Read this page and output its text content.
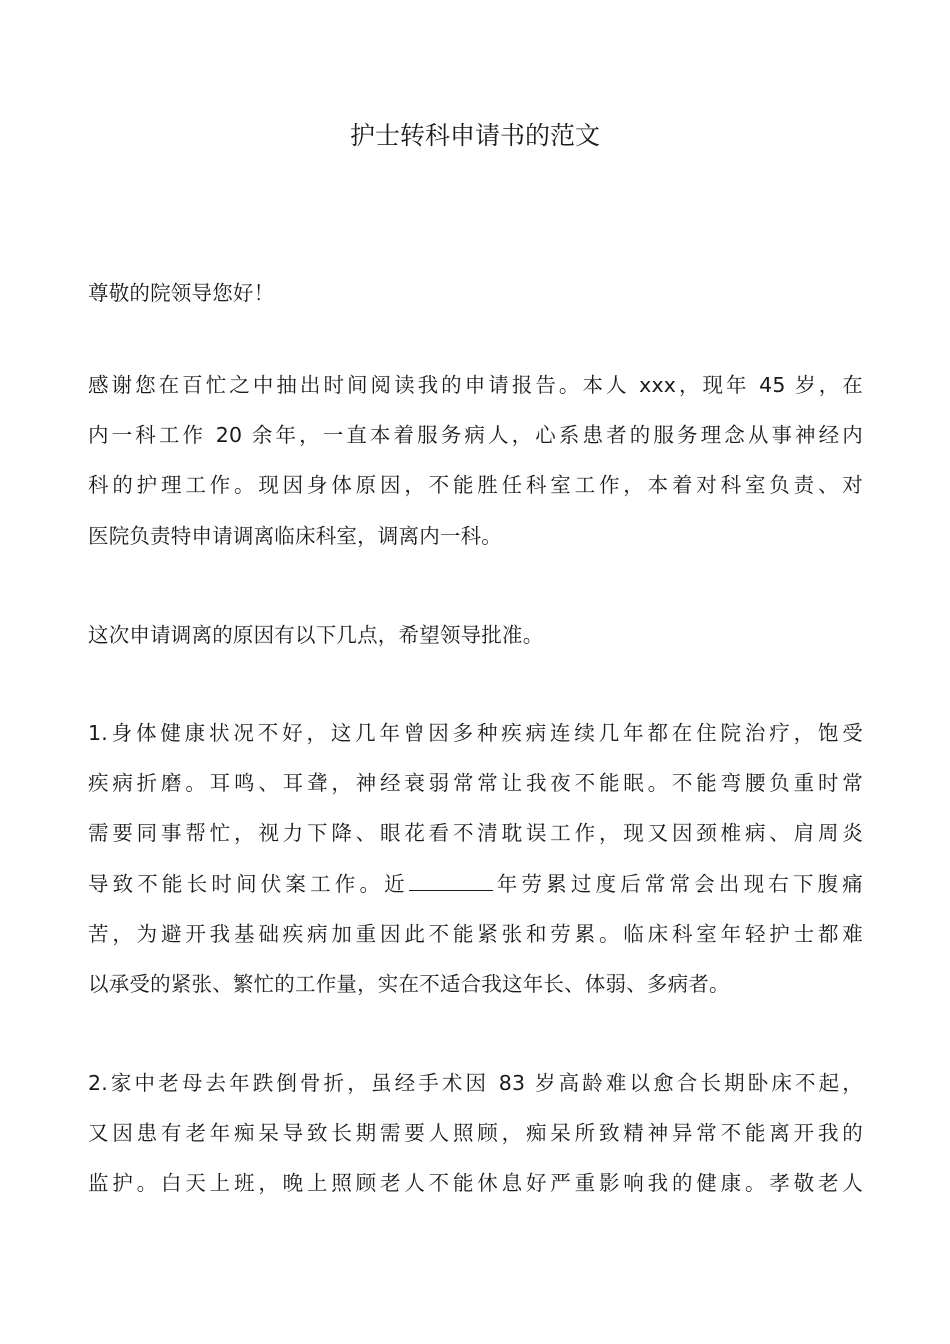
护士转科申请书的范文

尊敬的院领导您好！

感谢您在百忙之中抽出时间阅读我的申请报告。本人 xxx，现年 45 岁，在
内一科工作 20 余年，一直本着服务病人，心系患者的服务理念从事神经内
科的护理工作。现因身体原因，不能胜任科室工作，本着对科室负责、对
医院负责特申请调离临床科室，调离内一科。

这次申请调离的原因有以下几点，希望领导批准。

1.身体健康状况不好，这几年曾因多种疾病连续几年都在住院治疗，饱受
疾病折磨。耳鸣、耳聋，神经衰弱常常让我夜不能眠。不能弯腰负重时常
需要同事帮忙，视力下降、眼花看不清耽误工作，现又因颈椎病、肩周炎
导致不能长时间伏案工作。近	年劳累过度后常常会出现右下腹痛
苦，为避开我基础疾病加重因此不能紧张和劳累。临床科室年轻护士都难
以承受的紧张、繁忙的工作量，实在不适合我这年长、体弱、多病者。

2.家中老母去年跌倒骨折，虽经手术因 83 岁高龄难以愈合长期卧床不起，
又因患有老年痴呆导致长期需要人照顾，痴呆所致精神异常不能离开我的
监护。白天上班，晚上照顾老人不能休息好严重影响我的健康。孝敬老人
